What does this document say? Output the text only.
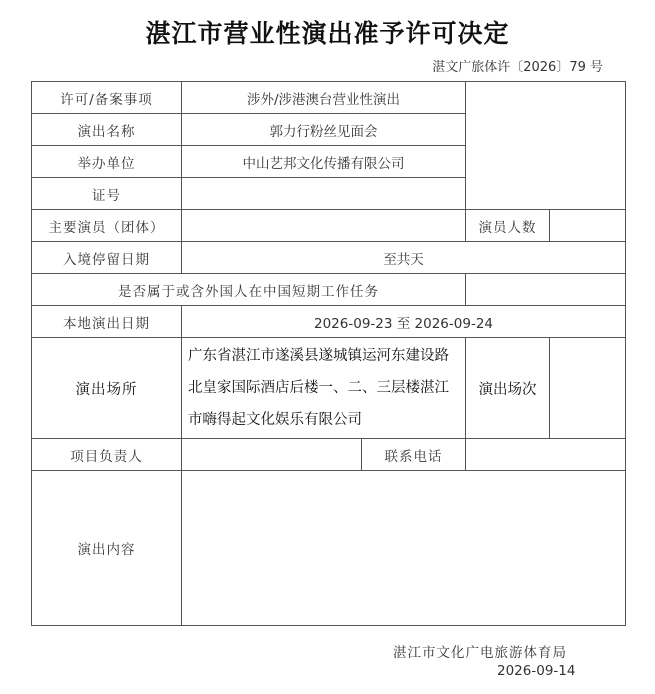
湛江市营业性演出准予许可决定
湛文广旅体许〔2026〕79 号
许可/备案事项	涉外/涉港澳台营业性演出			
演出名称	郭力行粉丝见面会			
举办单位	中山艺邦文化传播有限公司			
证号				
主要演员（团体）			演员人数	
入境停留日期	至共天			
是否属于或含外国人在中国短期工作任务				
本地演出日期	2026-09-23 至 2026-09-24			
演出场所	广东省湛江市遂溪县遂城镇运河东建设路北皇家国际酒店后楼一、二、三层楼湛江市嗨得起文化娱乐有限公司		演出场次	
项目负责人		联系电话		
演出内容				
湛江市文化广电旅游体育局
2026-09-14
